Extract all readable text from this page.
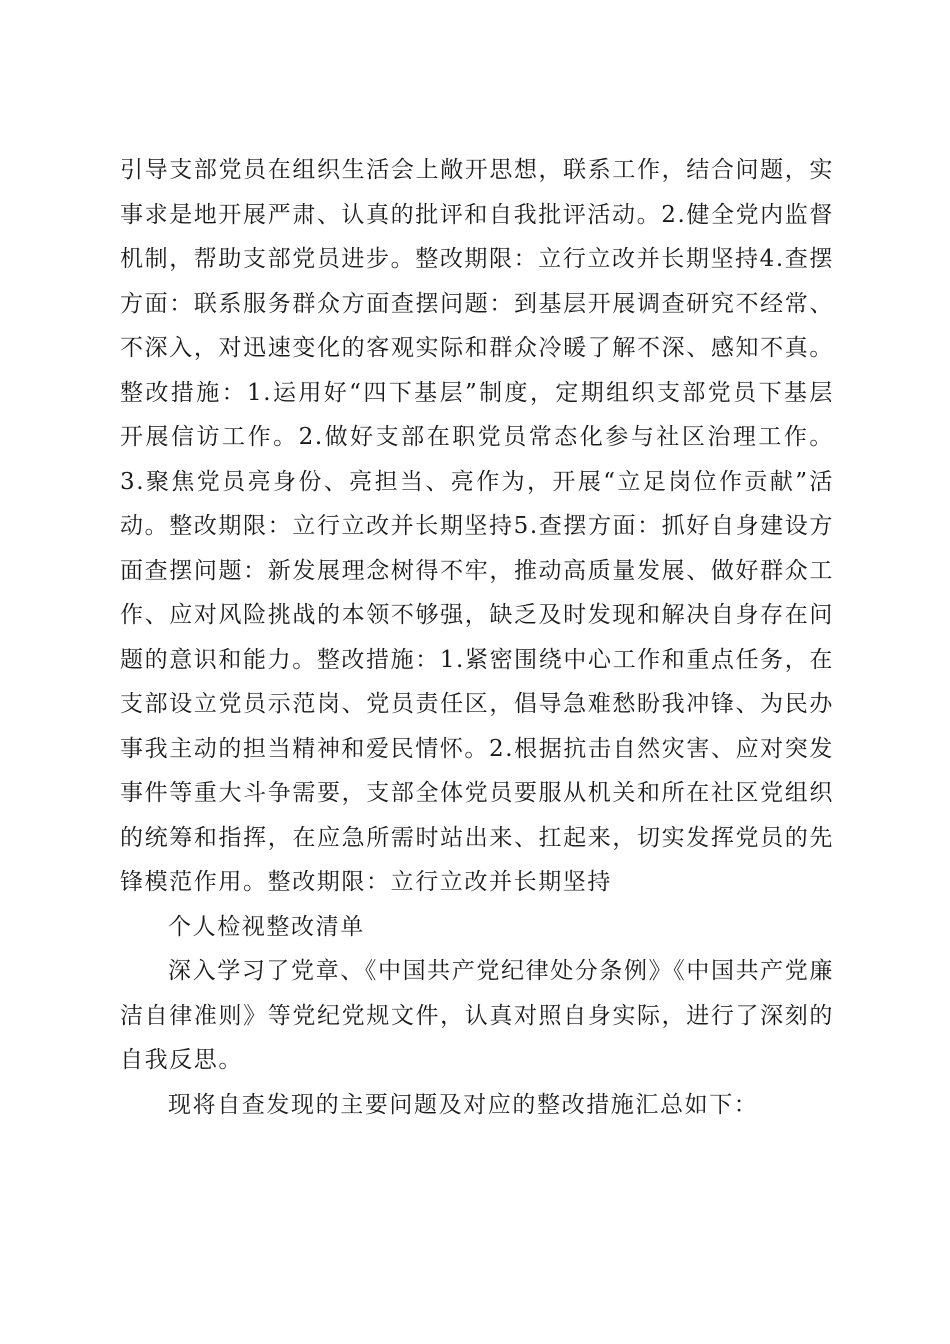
引导支部党员在组织生活会上敞开思想，联系工作，结合问题，实事求是地开展严肃、认真的批评和自我批评活动。2.健全党内监督机制，帮助支部党员进步。整改期限：立行立改并长期坚持4.查摆方面：联系服务群众方面查摆问题：到基层开展调查研究不经常、不深入，对迅速变化的客观实际和群众冷暖了解不深、感知不真。整改措施：1.运用好“四下基层”制度，定期组织支部党员下基层开展信访工作。2.做好支部在职党员常态化参与社区治理工作。3.聚焦党员亮身份、亮担当、亮作为，开展“立足岗位作贡献”活动。整改期限：立行立改并长期坚持5.查摆方面：抓好自身建设方面查摆问题：新发展理念树得不牢，推动高质量发展、做好群众工作、应对风险挑战的本领不够强，缺乏及时发现和解决自身存在问题的意识和能力。整改措施：1.紧密围绕中心工作和重点任务，在支部设立党员示范岗、党员责任区，倡导急难愁盼我冲锋、为民办事我主动的担当精神和爱民情怀。2.根据抗击自然灾害、应对突发事件等重大斗争需要，支部全体党员要服从机关和所在社区党组织的统筹和指挥，在应急所需时站出来、扛起来，切实发挥党员的先锋模范作用。整改期限：立行立改并长期坚持

个人检视整改清单

深入学习了党章、《中国共产党纪律处分条例》《中国共产党廉洁自律准则》等党纪党规文件，认真对照自身实际，进行了深刻的自我反思。

现将自查发现的主要问题及对应的整改措施汇总如下：
